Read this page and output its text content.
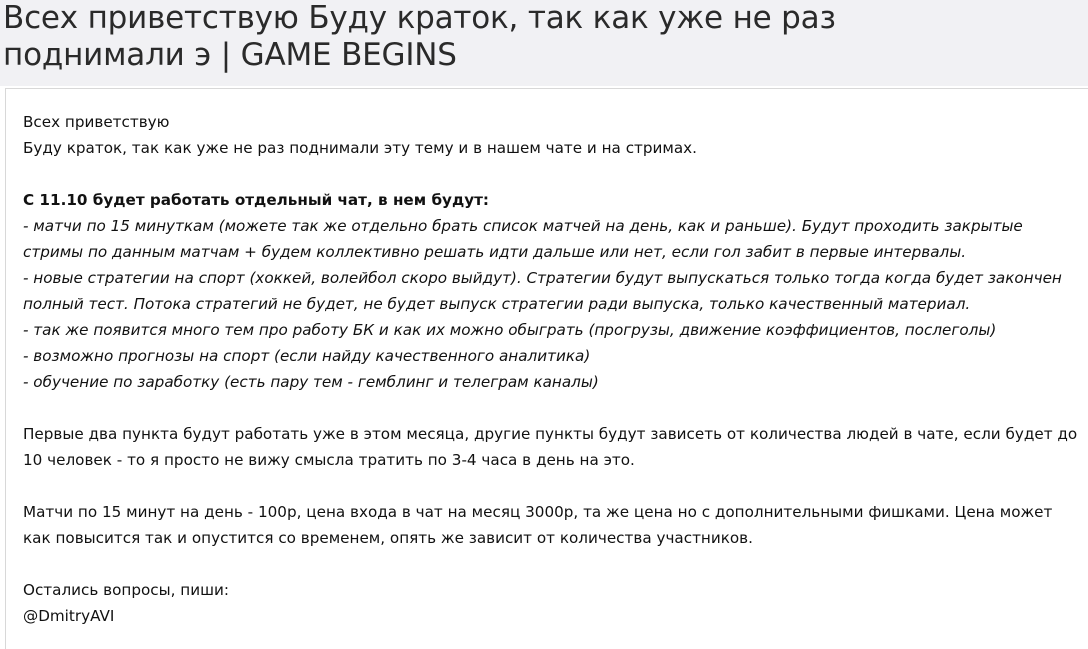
Всех приветствую Буду краток, так как уже не раз
поднимали э | GAME BEGINS
Всех приветствую
Буду краток, так как уже не раз поднимали эту тему и в нашем чате и на стримах.
С 11.10 будет работать отдельный чат, в нем будут:
- матчи по 15 минуткам (можете так же отдельно брать список матчей на день, как и раньше). Будут проходить закрытые
стримы по данным матчам + будем коллективно решать идти дальше или нет, если гол забит в первые интервалы.
- новые стратегии на спорт (хоккей, волейбол скоро выйдут). Стратегии будут выпускаться только тогда когда будет закончен
полный тест. Потока стратегий не будет, не будет выпуск стратегии ради выпуска, только качественный материал.
- так же появится много тем про работу БК и как их можно обыграть (прогрузы, движение коэффициентов, послеголы)
- возможно прогнозы на спорт (если найду качественного аналитика)
- обучение по заработку (есть пару тем - гемблинг и телеграм каналы)
Первые два пункта будут работать уже в этом месяца, другие пункты будут зависеть от количества людей в чате, если будет до
10 человек - то я просто не вижу смысла тратить по 3-4 часа в день на это.
Матчи по 15 минут на день - 100р, цена входа в чат на месяц 3000р, та же цена но с дополнительными фишками. Цена может
как повысится так и опустится со временем, опять же зависит от количества участников.
Остались вопросы, пиши:
@DmitryAVI
